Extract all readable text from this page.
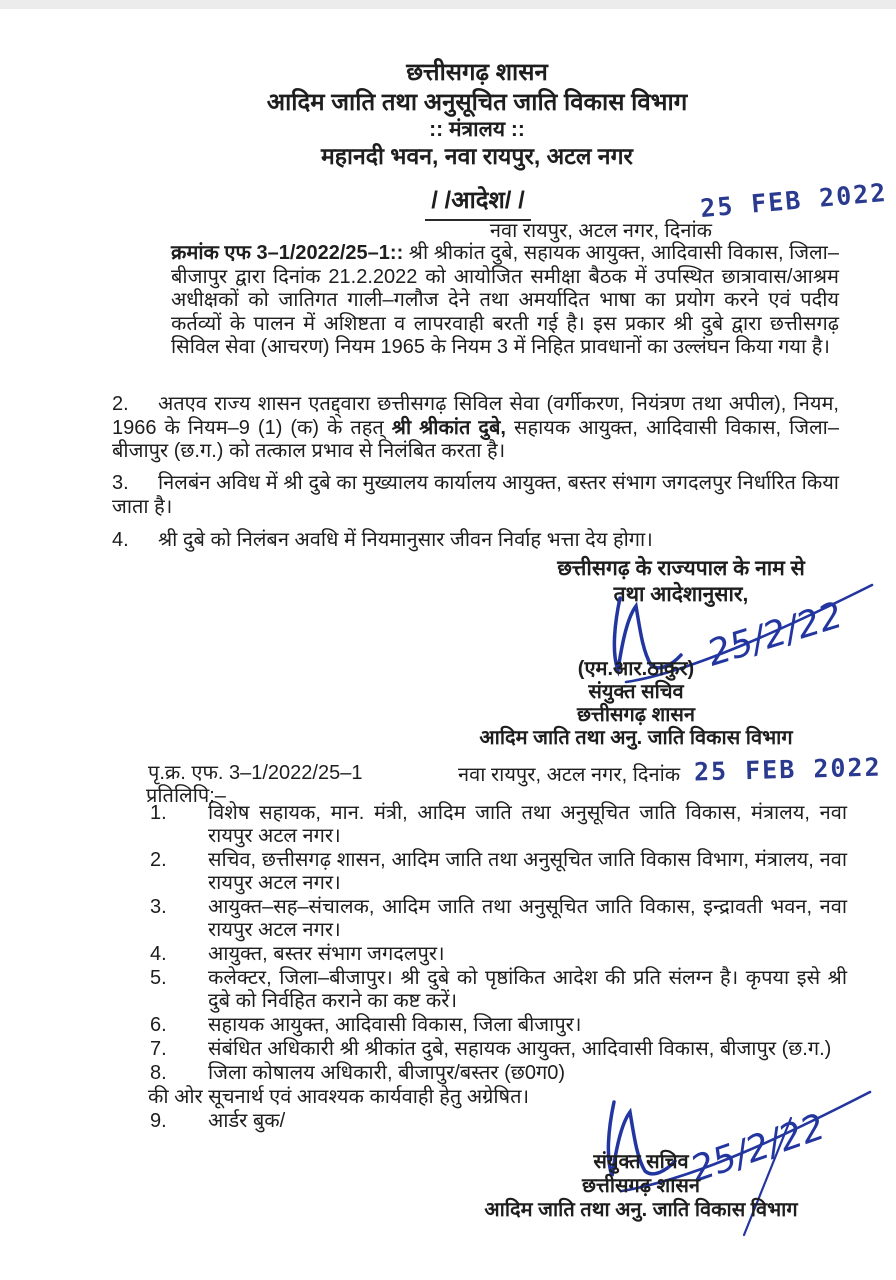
छत्तीसगढ़ शासन
आदिम जाति तथा अनुसूचित जाति विकास विभाग
:: मंत्रालय ::
महानदी भवन, नवा रायपुर, अटल नगर
/ /आदेश/ /	25 FEB 2022
नवा रायपुर, अटल नगर, दिनांक
क्रमांक एफ 3–1/2022/25–1:: श्री श्रीकांत दुबे, सहायक आयुक्त, आदिवासी विकास, जिला–बीजापुर द्वारा दिनांक 21.2.2022 को आयोजित समीक्षा बैठक में उपस्थित छात्रावास/आश्रम अधीक्षकों को जातिगत गाली–गलौज देने तथा अमर्यादित भाषा का प्रयोग करने एवं पदीय कर्तव्यों के पालन में अशिष्टता व लापरवाही बरती गई है। इस प्रकार श्री दुबे द्वारा छत्तीसगढ़ सिविल सेवा (आचरण) नियम 1965 के नियम 3 में निहित प्रावधानों का उल्लंघन किया गया है।
2. अतएव राज्य शासन एतद्द्वारा छत्तीसगढ़ सिविल सेवा (वर्गीकरण, नियंत्रण तथा अपील), नियम, 1966 के नियम–9 (1) (क) के तहत् श्री श्रीकांत दुबे, सहायक आयुक्त, आदिवासी विकास, जिला–बीजापुर (छ.ग.) को तत्काल प्रभाव से निलंबित करता है।
3. निलबंन अविध में श्री दुबे का मुख्यालय कार्यालय आयुक्त, बस्तर संभाग जगदलपुर निर्धारित किया जाता है।
4. श्री दुबे को निलंबन अवधि में नियमानुसार जीवन निर्वाह भत्ता देय होगा।
छत्तीसगढ़ के राज्यपाल के नाम से
तथा आदेशानुसार,
25/2/22
(एम.आर.ठाकुर)
संयुक्त सचिव
छत्तीसगढ़ शासन
आदिम जाति तथा अनु. जाति विकास विभाग
पृ.क्र. एफ. 3–1/2022/25–1	नवा रायपुर, अटल नगर, दिनांक 25 FEB 2022
प्रतिलिपि:–
1. विशेष सहायक, मान. मंत्री, आदिम जाति तथा अनुसूचित जाति विकास, मंत्रालय, नवा रायपुर अटल नगर।
2. सचिव, छत्तीसगढ़ शासन, आदिम जाति तथा अनुसूचित जाति विकास विभाग, मंत्रालय, नवा रायपुर अटल नगर।
3. आयुक्त–सह–संचालक, आदिम जाति तथा अनुसूचित जाति विकास, इन्द्रावती भवन, नवा रायपुर अटल नगर।
4. आयुक्त, बस्तर संभाग जगदलपुर।
5. कलेक्टर, जिला–बीजापुर। श्री दुबे को पृष्ठांकित आदेश की प्रति संलग्न है। कृपया इसे श्री दुबे को निर्वहित कराने का कष्ट करें।
6. सहायक आयुक्त, आदिवासी विकास, जिला बीजापुर।
7. संबंधित अधिकारी श्री श्रीकांत दुबे, सहायक आयुक्त, आदिवासी विकास, बीजापुर (छ.ग.)
8. जिला कोषालय अधिकारी, बीजापुर/बस्तर (छ0ग0)
की ओर सूचनार्थ एवं आवश्यक कार्यवाही हेतु अग्रेषित।
9. आर्डर बुक/	25/2/22
संयुक्त सचिव
छत्तीसगढ़ शासन
आदिम जाति तथा अनु. जाति विकास विभाग
